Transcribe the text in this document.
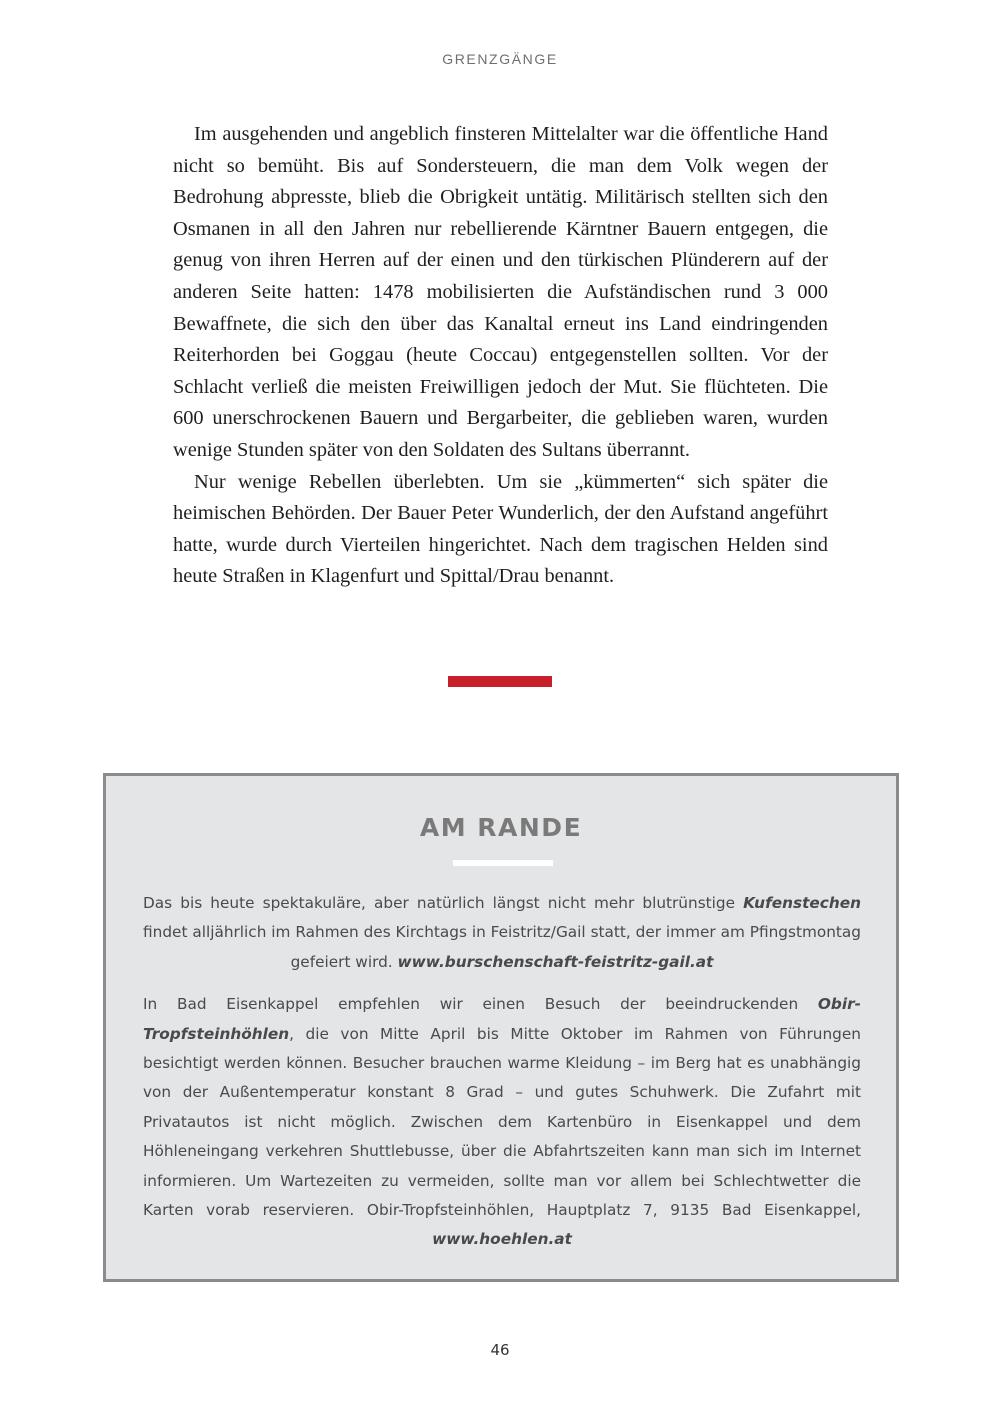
GRENZGÄNGE

Im ausgehenden und angeblich finsteren Mittelalter war die öffentliche Hand nicht so bemüht. Bis auf Sondersteuern, die man dem Volk wegen der Bedrohung abpresste, blieb die Obrigkeit untätig. Militärisch stellten sich den Osmanen in all den Jahren nur rebellierende Kärntner Bauern entgegen, die genug von ihren Herren auf der einen und den türkischen Plünderern auf der anderen Seite hatten: 1478 mobilisierten die Aufständischen rund 3 000 Bewaffnete, die sich den über das Kanaltal erneut ins Land eindringenden Reiterhorden bei Goggau (heute Coccau) entgegenstellen sollten. Vor der Schlacht verließ die meisten Freiwilligen jedoch der Mut. Sie flüchteten. Die 600 unerschrockenen Bauern und Bergarbeiter, die geblieben waren, wurden wenige Stunden später von den Soldaten des Sultans überrannt.

Nur wenige Rebellen überlebten. Um sie „kümmerten“ sich später die heimischen Behörden. Der Bauer Peter Wunderlich, der den Aufstand angeführt hatte, wurde durch Vierteilen hingerichtet. Nach dem tragischen Helden sind heute Straßen in Klagenfurt und Spittal/Drau benannt.

AM RANDE

Das bis heute spektakuläre, aber natürlich längst nicht mehr blutrünstige Kufenstechen findet alljährlich im Rahmen des Kirchtags in Feistritz/Gail statt, der immer am Pfingstmontag gefeiert wird. www.burschenschaft-feistritz-gail.at

In Bad Eisenkappel empfehlen wir einen Besuch der beeindruckenden Obir-Tropfsteinhöhlen, die von Mitte April bis Mitte Oktober im Rahmen von Führungen besichtigt werden können. Besucher brauchen warme Kleidung – im Berg hat es unabhängig von der Außentemperatur konstant 8 Grad – und gutes Schuhwerk. Die Zufahrt mit Privatautos ist nicht möglich. Zwischen dem Kartenbüro in Eisenkappel und dem Höhleneingang verkehren Shuttlebusse, über die Abfahrtszeiten kann man sich im Internet informieren. Um Wartezeiten zu vermeiden, sollte man vor allem bei Schlechtwetter die Karten vorab reservieren. Obir-Tropfsteinhöhlen, Hauptplatz 7, 9135 Bad Eisenkappel, www.hoehlen.at

46
